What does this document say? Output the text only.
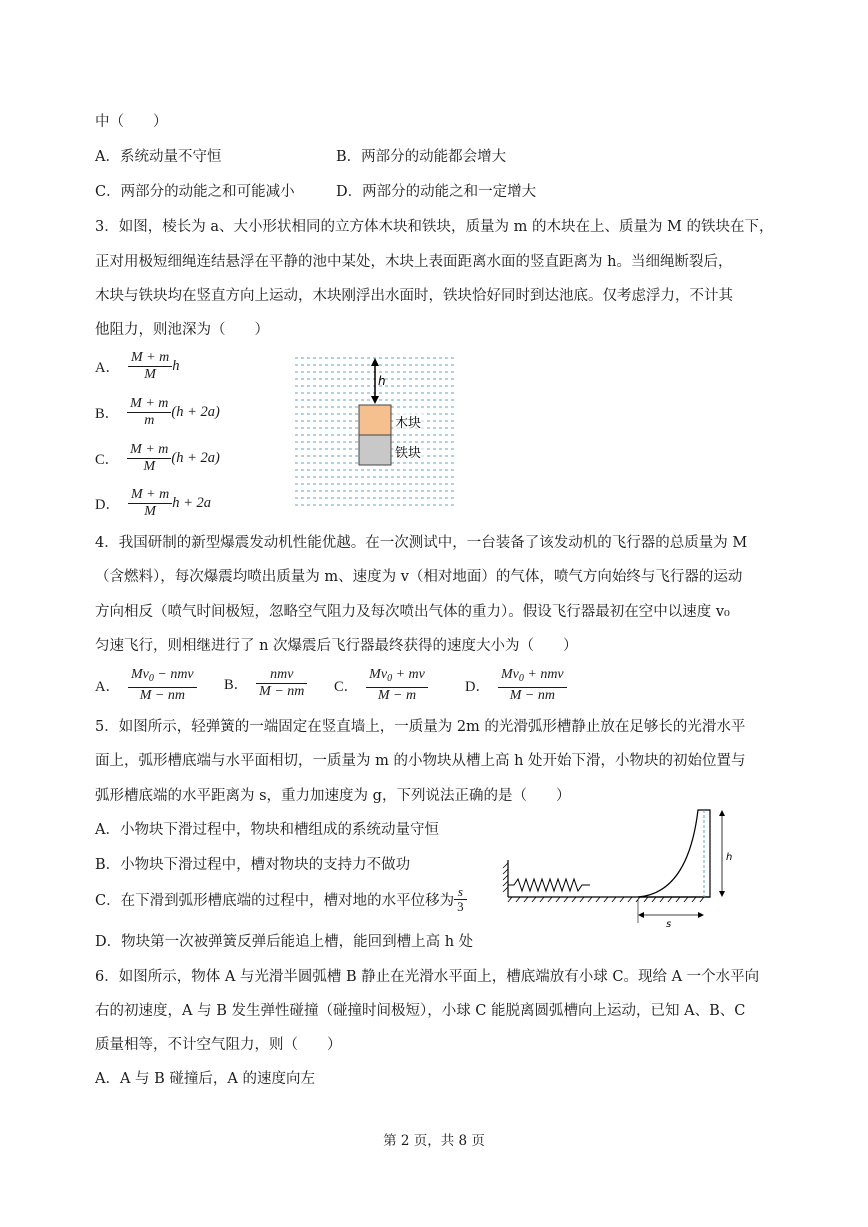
中（　　）
A．系统动量不守恒	B．两部分的动能都会增大
C．两部分的动能之和可能减小	D．两部分的动能之和一定增大
3．如图，棱长为 a、大小形状相同的立方体木块和铁块，质量为 m 的木块在上、质量为 M 的铁块在下，
正对用极短细绳连结悬浮在平静的池中某处，木块上表面距离水面的竖直距离为 h。当细绳断裂后，
木块与铁块均在竖直方向上运动，木块刚浮出水面时，铁块恰好同时到达池底。仅考虑浮力，不计其
他阻力，则池深为（　　）
A． $\frac{M + m}{M}$ h
B． $\frac{M + m}{m} (h + 2a)$
C． $\frac{M + m}{M} (h + 2a)$
D． $\frac{M + m}{M}$ h + 2a
h
木块
铁块
4．我国研制的新型爆震发动机性能优越。在一次测试中，一台装备了该发动机的飞行器的总质量为 M
（含燃料），每次爆震均喷出质量为 m、速度为 v（相对地面）的气体，喷气方向始终与飞行器的运动
方向相反（喷气时间极短，忽略空气阻力及每次喷出气体的重力）。假设飞行器最初在空中以速度 v₀
匀速飞行，则相继进行了 n 次爆震后飞行器最终获得的速度大小为（　　）
A． $\frac{Mv_0 - nmv}{M - nm}$ B． $\frac{\text{nmv}}{M - nm}$ C． $\frac{Mv_0 + mv}{M - m}$	D． $\frac{Mv_0 + nmv}{M - nm}$
5．如图所示，轻弹簧的一端固定在竖直墙上，一质量为 2m 的光滑弧形槽静止放在足够长的光滑水平
面上，弧形槽底端与水平面相切，一质量为 m 的小物块从槽上高 h 处开始下滑，小物块的初始位置与
弧形槽底端的水平距离为 s，重力加速度为 g，下列说法正确的是（　　）
A．小物块下滑过程中，物块和槽组成的系统动量守恒
B．小物块下滑过程中，槽对物块的支持力不做功
C．在下滑到弧形槽底端的过程中，槽对地的水平位移为 $\frac{s}{3}$
D．物块第一次被弹簧反弹后能追上槽，能回到槽上高 h 处
h
s
6．如图所示，物体 A 与光滑半圆弧槽 B 静止在光滑水平面上，槽底端放有小球 C。现给 A 一个水平向
右的初速度，A 与 B 发生弹性碰撞（碰撞时间极短），小球 C 能脱离圆弧槽向上运动，已知 A、B、C
质量相等，不计空气阻力，则（　　）
A．A 与 B 碰撞后，A 的速度向左
第 2 页，共 8 页
